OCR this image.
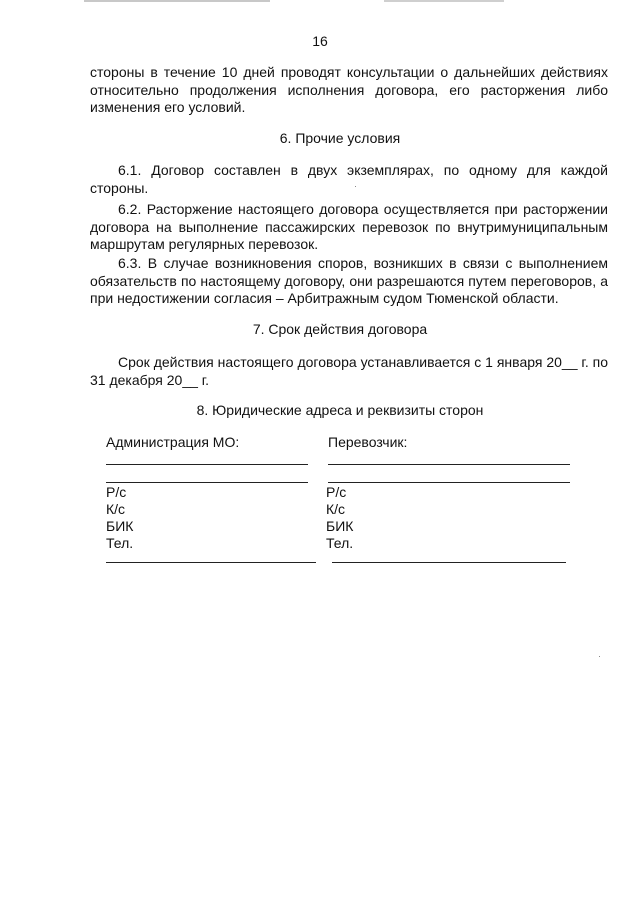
16

стороны в течение 10 дней проводят консультации о дальнейших действиях относительно продолжения исполнения договора, его расторжения либо изменения его условий.

6. Прочие условия

6.1. Договор составлен в двух экземплярах, по одному для каждой стороны.

6.2. Расторжение настоящего договора осуществляется при расторжении договора на выполнение пассажирских перевозок по внутримуниципальным маршрутам регулярных перевозок.

6.3. В случае возникновения споров, возникших в связи с выполнением обязательств по настоящему договору, они разрешаются путем переговоров, а при недостижении согласия – Арбитражным судом Тюменской области.

7. Срок действия договора

Срок действия настоящего договора устанавливается с 1 января 20__ г. по 31 декабря 20__ г.

8. Юридические адреса и реквизиты сторон

Администрация МО:
Р/с
К/с
БИК
Тел.
Перевозчик:
Р/с
К/с
БИК
Тел.
